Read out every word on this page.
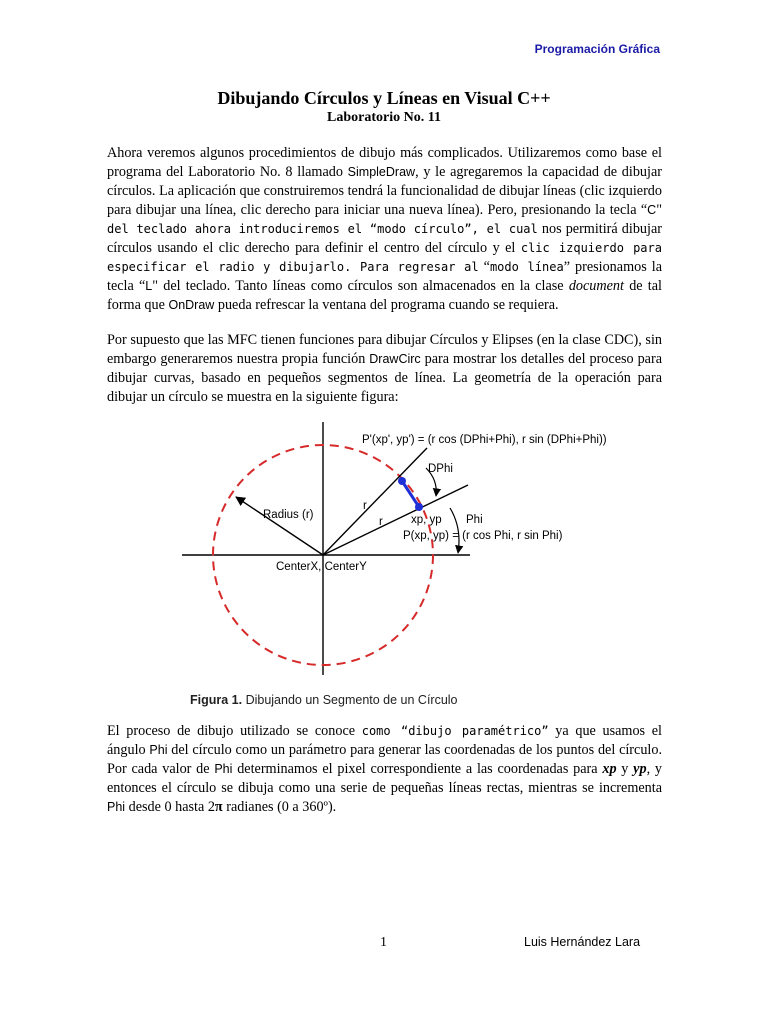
Programación Gráfica
Dibujando Círculos y Líneas en Visual C++
Laboratorio No. 11

Ahora veremos algunos procedimientos de dibujo más complicados. Utilizaremos como base el programa del Laboratorio No. 8 llamado SimpleDraw, y le agregaremos la capacidad de dibujar círculos. La aplicación que construiremos tendrá la funcionalidad de dibujar líneas (clic izquierdo para dibujar una línea, clic derecho para iniciar una nueva línea). Pero, presionando la tecla “C" del teclado ahora introduciremos el “modo círculo”, el cual nos permitirá dibujar círculos usando el clic derecho para definir el centro del círculo y el clic izquierdo para especificar el radio y dibujarlo. Para regresar al “modo línea” presionamos la tecla “L" del teclado. Tanto líneas como círculos son almacenados en la clase document de tal forma que OnDraw pueda refrescar la ventana del programa cuando se requiera.

Por supuesto que las MFC tienen funciones para dibujar Círculos y Elipses (en la clase CDC), sin embargo generaremos nuestra propia función DrawCirc para mostrar los detalles del proceso para dibujar curvas, basado en pequeños segmentos de línea. La geometría de la operación para dibujar un círculo se muestra en la siguiente figura:

P'(xp', yp') = (r cos (DPhi+Phi), r sin (DPhi+Phi))
DPhi
Radius (r)
r
r xp, yp Phi
P(xp, yp) = (r cos Phi, r sin Phi)
CenterX, CenterY
Figura 1. Dibujando un Segmento de un Círculo

El proceso de dibujo utilizado se conoce como “dibujo paramétrico” ya que usamos el ángulo Phi del círculo como un parámetro para generar las coordenadas de los puntos del círculo. Por cada valor de Phi determinamos el pixel correspondiente a las coordenadas para xp y yp, y entonces el círculo se dibuja como una serie de pequeñas líneas rectas, mientras se incrementa Phi desde 0 hasta 2π radianes (0 a 360º).

1	Luis Hernández Lara
